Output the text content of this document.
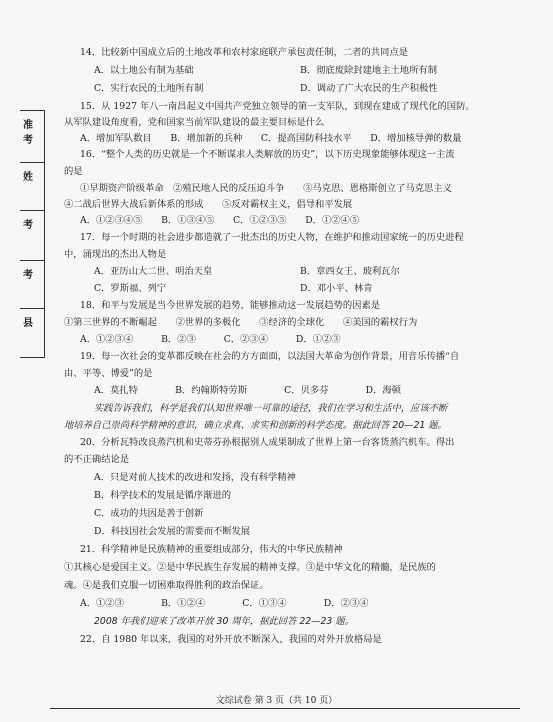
准 考
姓
考
考
县
14．比较新中国成立后的土地改革和农村家庭联产承包责任制，二者的共同点是
A．以土地公有制为基础	B．彻底废除封建地主土地所有制
C．实行农民的土地所有制	D．调动了广大农民的生产积极性
15．从 1927 年八一南昌起义中国共产党独立领导的第一支军队，到现在建成了现代化的国防。
从军队建设角度看，党和国家当前军队建设的最主要目标是什么
A．增加军队数目　　B．增加新的兵种　　C．提高国防科技水平　　D．增加核导弹的数量
16．“整个人类的历史就是一个不断谋求人类解放的历史”，以下历史现象能够体现这一主流
的是
①早期资产阶级革命　②殖民地人民的反压迫斗争　　③马克思、恩格斯创立了马克思主义
④二战后世界大战后新体系的形成　　⑤反对霸权主义，倡导和平发展
A．①②③④⑤　　B．①③④⑤　　C．①②③⑤　　D．①②④⑤
17．每一个时期的社会进步都造就了一批杰出的历史人物，在维护和推动国家统一的历史进程
中，涌现出的杰出人物是
A．亚历山大二世、明治天皇	B．章西女王、玻利瓦尔
C．罗斯福、列宁	D．邓小平、林肯
18．和平与发展是当今世界发展的趋势，能够推动这一发展趋势的因素是
①第三世界的不断崛起　　②世界的多极化　　③经济的全球化　　④美国的霸权行为
A．①②③④　　　B．②③　　　C．②③④　　　D．①②③
19．每一次社会的变革都反映在社会的方方面面，以法国大革命为创作背景，用音乐传播“自
由、平等、博爱”的是
A．莫扎特　　　　B．约翰斯特劳斯　　　　C．贝多芬　　　　D．海顿
实践告诉我们，科学是我们认知世界唯一可靠的途径，我们在学习和生活中，应该不断
地培养自己崇尚科学精神的意识，确立求真、求实和创新的科学态度。据此回答 20—21 题。
20．分析瓦特改良蒸汽机和史蒂芬孙根据别人成果制成了世界上第一台客货蒸汽机车。得出
的不正确结论是
A．只是对前人技术的改进和发扬，没有科学精神
B．科学技术的发展是循序渐进的
C．成功的共因是善于创新
D．科技因社会发展的需要而不断发展
21．科学精神是民族精神的重要组成部分，伟大的中华民族精神
①其核心是爱国主义。②是中华民族生存发展的精神支撑。③是中华文化的精髓，是民族的
魂。④是我们克服一切困难取得胜利的政治保证。
A．①②③　　　　B．①②④　　　　C．①③④　　　　D．②③④
2008 年我们迎来了改革开放 30 周年，据此回答 22—23 题。
22．自 1980 年以来，我国的对外开放不断深入，我国的对外开放格局是
文综试卷 第 3 页（共 10 页）
